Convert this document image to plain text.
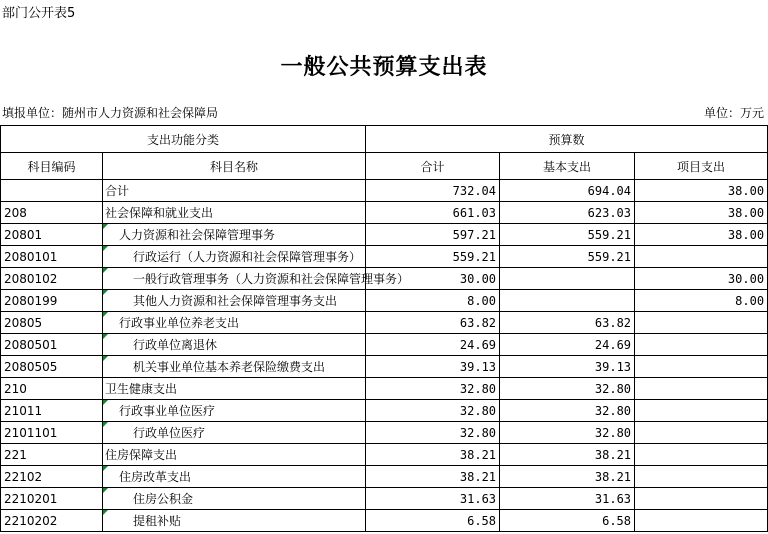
部门公开表5
一般公共预算支出表
填报单位：随州市人力资源和社会保障局	单位：万元
支出功能分类		预算数		
科目编码	科目名称	合计	基本支出	项目支出
	合计	732.04	694.04	38.00
208	社会保障和就业支出	661.03	623.03	38.00
20801	人力资源和社会保障管理事务	597.21	559.21	38.00
2080101	行政运行（人力资源和社会保障管理事务）	559.21	559.21	
2080102	一般行政管理事务（人力资源和社会保障管理事务）	30.00		30.00
2080199	其他人力资源和社会保障管理事务支出	8.00		8.00
20805	行政事业单位养老支出	63.82	63.82	
2080501	行政单位离退休	24.69	24.69	
2080505	机关事业单位基本养老保险缴费支出	39.13	39.13	
210	卫生健康支出	32.80	32.80	
21011	行政事业单位医疗	32.80	32.80	
2101101	行政单位医疗	32.80	32.80	
221	住房保障支出	38.21	38.21	
22102	住房改革支出	38.21	38.21	
2210201	住房公积金	31.63	31.63	
2210202	提租补贴	6.58	6.58	
